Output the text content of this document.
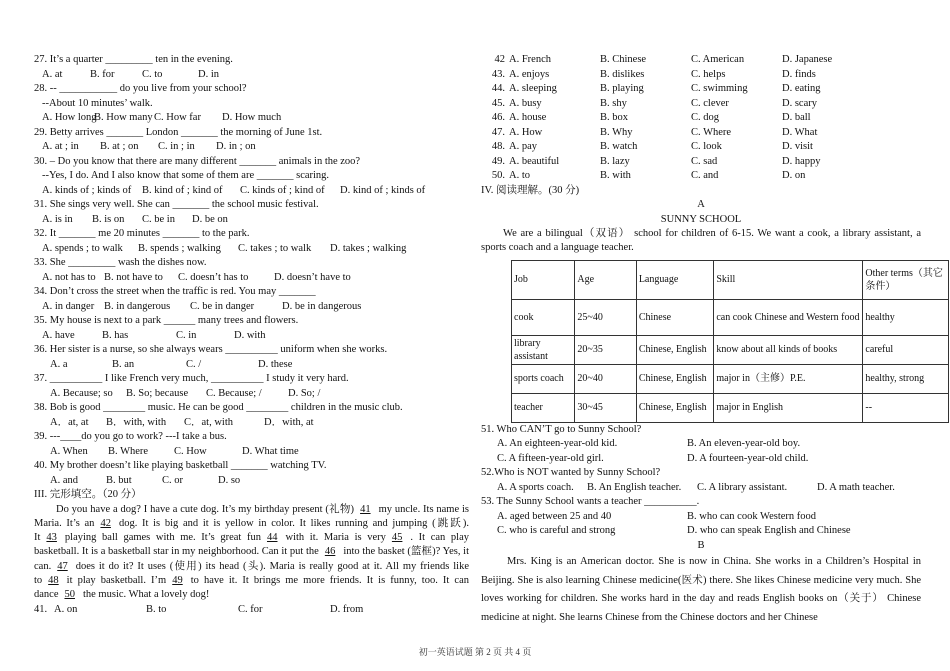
27. It’s a quarter _________ ten in the evening.
A. at	B. for	C. to	D. in
28. -- ___________ do you live from your school?
--About 10 minutes’ walk.
A. How longB. How manyC. How far D. How much
29. Betty arrives _______ London _______ the morning of June 1st.
A. at ; in B. at ; on C. in ; in D. in ; on
30. – Do you know that there are many different _______ animals in the zoo?
--Yes, I do. And I also know that some of them are _______ scaring.
A. kinds of ; kinds of B. kind of ; kind of C. kinds of ; kind of D. kind of ; kinds of
31. She sings very well. She can _______ the school music festival.
A. is in B. is on C. be in D. be on
32. It _______ me 20 minutes _______ to the park.
A. spends ; to walk B. spends ; walking C. takes ; to walk D. takes ; walking
33. She _________ wash the dishes now.
A. not has to B. not have to C. doesn’t has to D. doesn’t have to
34. Don’t cross the street when the traffic is red. You may _______
A. in danger B. in dangerous C. be in danger	D. be in dangerous
35. My house is next to a park ______ many trees and flowers.
A. have	B. has	C. in	D. with
36. Her sister is a nurse, so she always wears __________ uniform when she works.
A. a	B. an	C. /	D. these
37. __________ I like French very much, __________ I study it very hard.
A. Because; so B. So; because C. Because; /	D. So; /
38. Bob is good ________ music. He can be good ________ children in the music club.
A．at, at B．with, with C．at, with	D．with, at
39. ---____do you go to work? ---I take a bus.
A. When B. Where C. How	D. What time
40. My brother doesn’t like playing basketball _______ watching TV.
A. and	B. but	C. or	D. so
III. 完形填空。（20 分）
Do you have a dog? I have a cute dog. It’s my birthday present (礼物) 41 my uncle. Its name is Maria. It’s an 42 dog. It is big and it is yellow in color. It likes running and jumping (跳跃). It 43 playing ball games with me. It’s great fun 44 with it. Maria is very 45 . It can play basketball. It is a basketball star in my neighborhood. Can it put the 46 into the basket (篮框)? Yes, it can. 47 does it do it? It uses (使用) its head (头). Maria is really good at it. All my friends like to 48 it play basketball. I’m 49 to have it. It brings me more friends. It is funny, too. It can dance 50 the music. What a lovely dog!
41. A. on	B. to	C. for	D. from
42 A. French	B. Chinese	C. American	D. Japanese
43. A. enjoys	B. dislikes	C. helps	D. finds
44. A. sleeping	B. playing	C. swimming	D. eating
45. A. busy	B. shy	C. clever	D. scary
46. A. house	B. box	C. dog	D. ball
47. A. How	B. Why	C. Where	D. What
48. A. pay	B. watch	C. look	D. visit
49. A. beautiful	B. lazy	C. sad	D. happy
50. A. to	B. with	C. and	D. on
IV. 阅读理解。(30 分)
A
SUNNY SCHOOL
We are a bilingual（双语） school for children of 6-15. We want a cook, a library assistant, a sports coach and a language teacher.
Job	Age	Language	Skill	Other terms（其它条件）
cook	25~40	Chinese	can cook Chinese and Western food	healthy
library assistant	20~35	Chinese, English	know about all kinds of books	careful
sports coach	20~40	Chinese, English	major in（主修）P.E.	healthy, strong
teacher	30~45	Chinese, English	major in English	--
51. Who CAN’T go to Sunny School?
A. An eighteen-year-old kid.	B. An eleven-year-old boy.
C. A fifteen-year-old girl.	D. A fourteen-year-old child.
52.Who is NOT wanted by Sunny School?
A. A sports coach. B. An English teacher. C. A library assistant.	D. A math teacher.
53. The Sunny School wants a teacher __________.
A. aged between 25 and 40	B. who can cook Western food
C. who is careful and strong	D. who can speak English and Chinese
B
Mrs. King is an American doctor. She is now in China. She works in a Children’s Hospital in Beijing. She is also learning Chinese medicine(医术) there. She likes Chinese medicine very much. She loves working for children. She works hard in the day and reads English books on（关于） Chinese medicine at night. She learns Chinese from the Chinese doctors and her Chinese
初一英语试题 第 2 页 共 4 页
